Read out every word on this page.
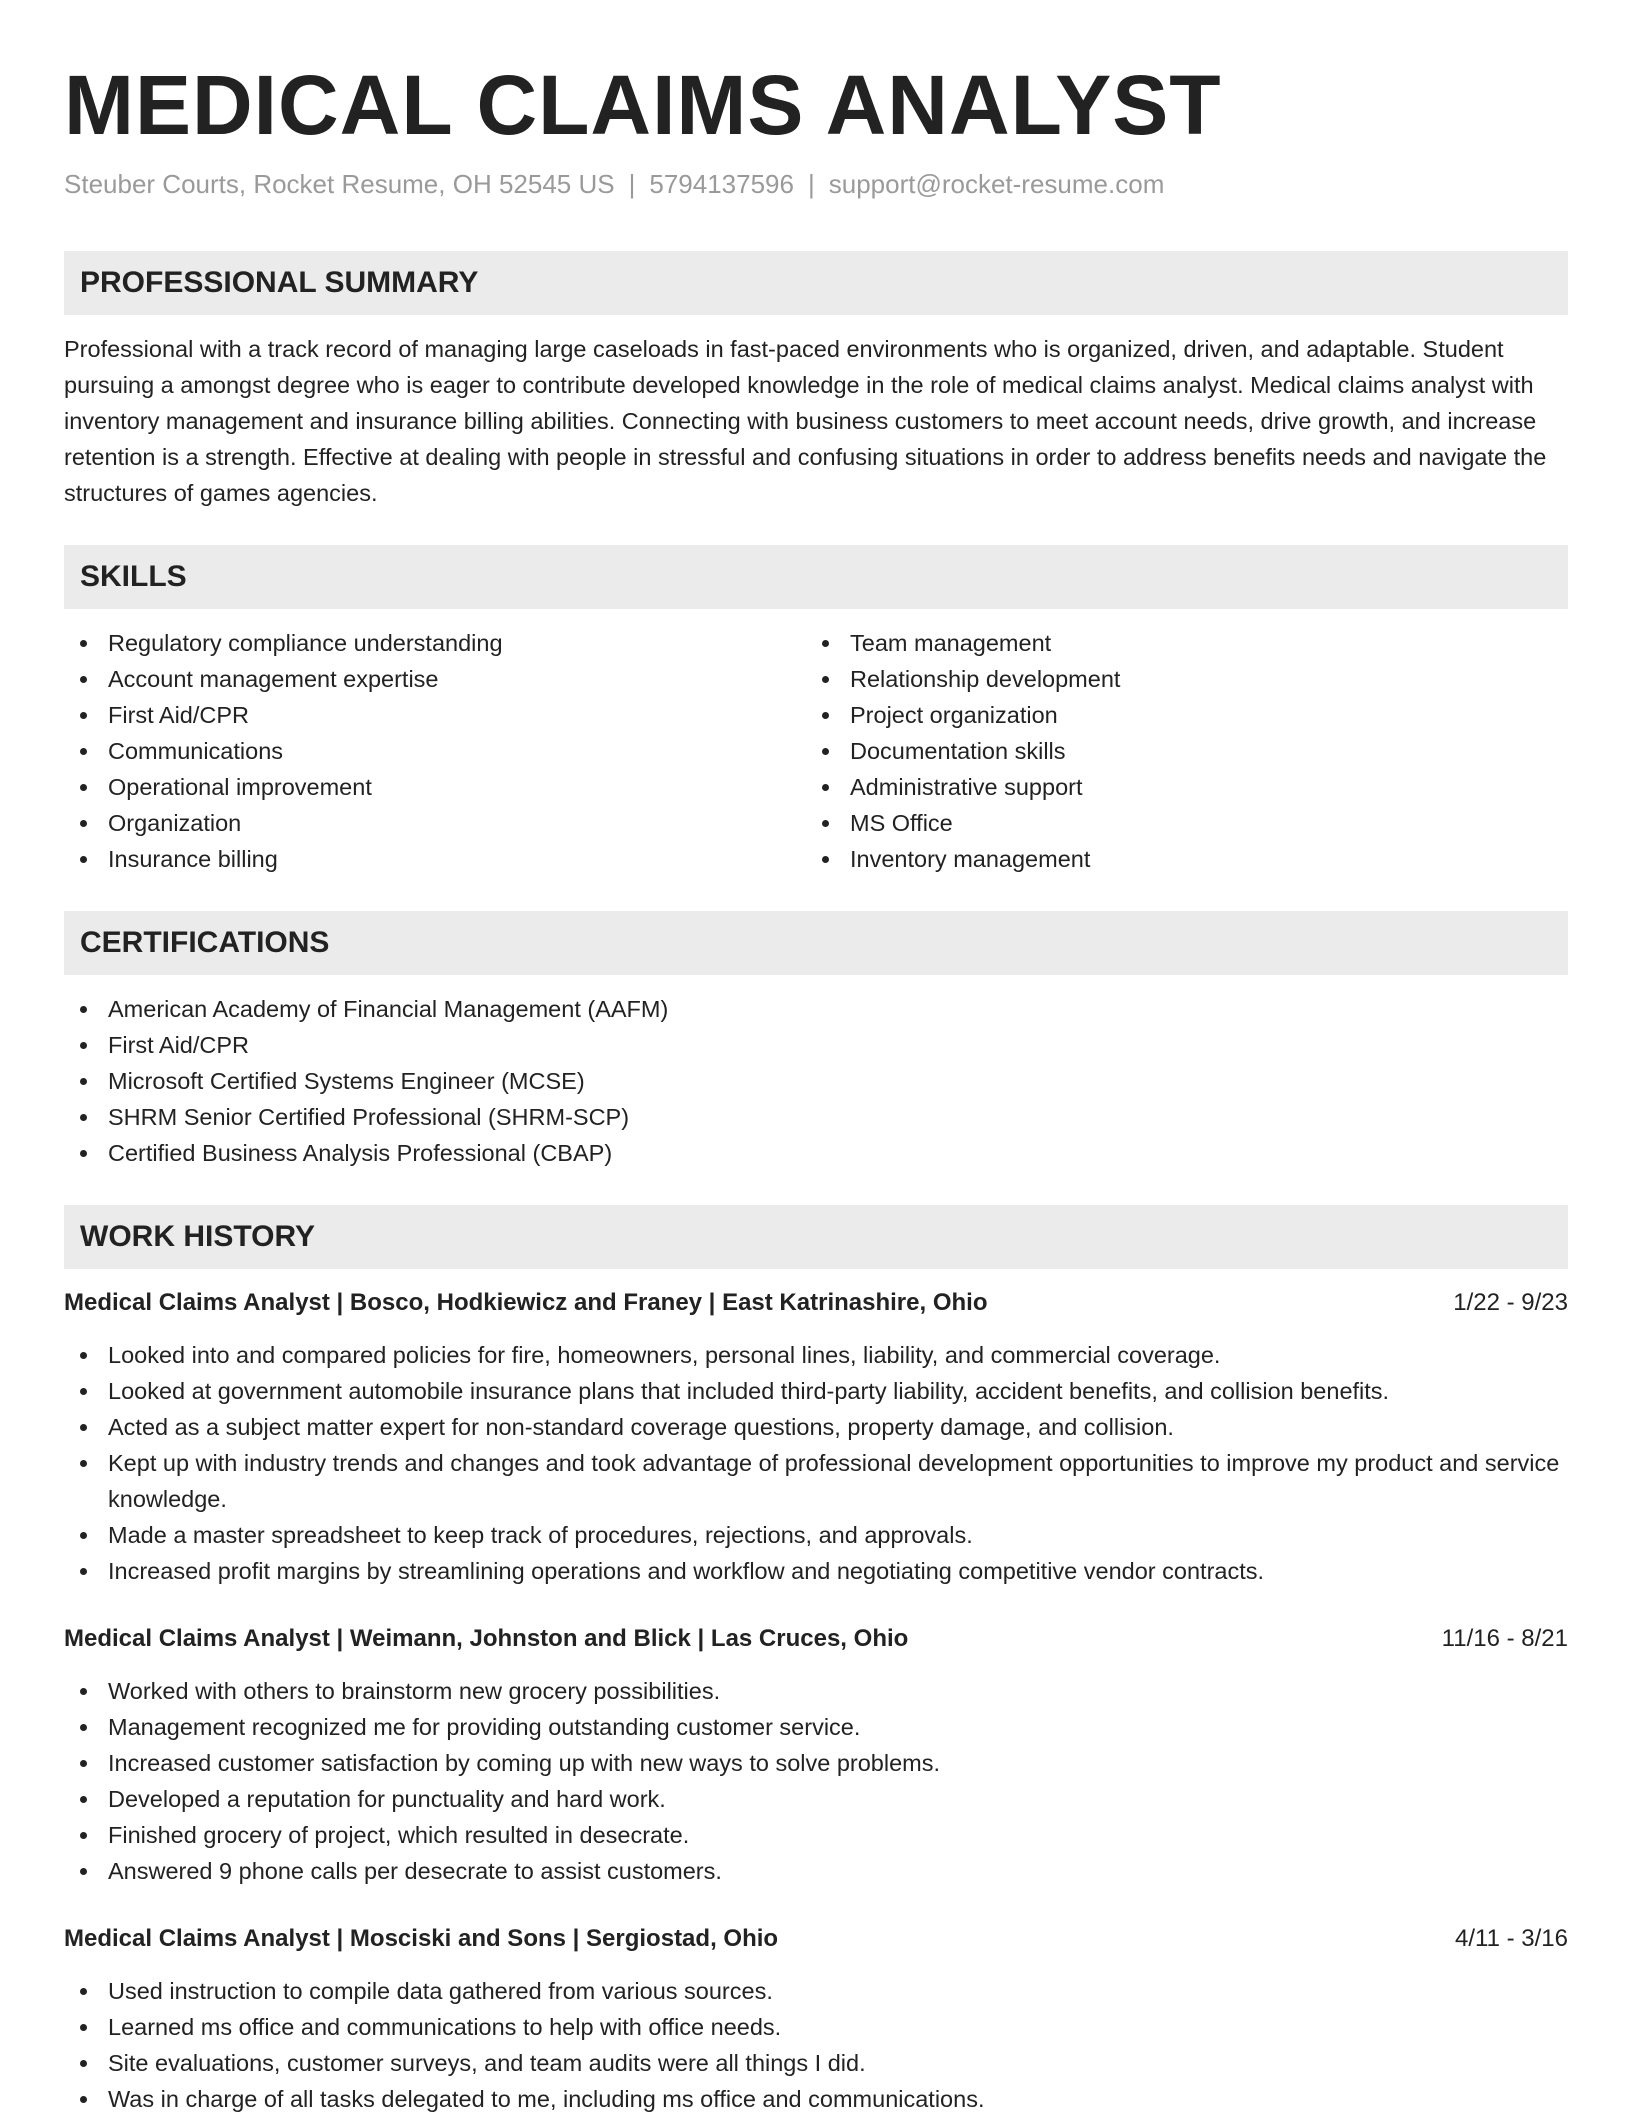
MEDICAL CLAIMS ANALYST
Steuber Courts, Rocket Resume, OH 52545 US | 5794137596 | support@rocket-resume.com
PROFESSIONAL SUMMARY

Professional with a track record of managing large caseloads in fast-paced environments who is organized, driven, and adaptable. Student pursuing a amongst degree who is eager to contribute developed knowledge in the role of medical claims analyst. Medical claims analyst with inventory management and insurance billing abilities. Connecting with business customers to meet account needs, drive growth, and increase retention is a strength. Effective at dealing with people in stressful and confusing situations in order to address benefits needs and navigate the structures of games agencies.

SKILLS
Regulatory compliance understanding
Account management expertise
First Aid/CPR
Communications
Operational improvement
Organization
Insurance billing
Team management
Relationship development
Project organization
Documentation skills
Administrative support
MS Office
Inventory management
CERTIFICATIONS
American Academy of Financial Management (AAFM)
First Aid/CPR
Microsoft Certified Systems Engineer (MCSE)
SHRM Senior Certified Professional (SHRM-SCP)
Certified Business Analysis Professional (CBAP)
WORK HISTORY
Medical Claims Analyst | Bosco, Hodkiewicz and Franey | East Katrinashire, Ohio	1/22 - 9/23
Looked into and compared policies for fire, homeowners, personal lines, liability, and commercial coverage.
Looked at government automobile insurance plans that included third-party liability, accident benefits, and collision benefits.
Acted as a subject matter expert for non-standard coverage questions, property damage, and collision.
Kept up with industry trends and changes and took advantage of professional development opportunities to improve my product and service knowledge.
Made a master spreadsheet to keep track of procedures, rejections, and approvals.
Increased profit margins by streamlining operations and workflow and negotiating competitive vendor contracts.
Medical Claims Analyst | Weimann, Johnston and Blick | Las Cruces, Ohio	11/16 - 8/21
Worked with others to brainstorm new grocery possibilities.
Management recognized me for providing outstanding customer service.
Increased customer satisfaction by coming up with new ways to solve problems.
Developed a reputation for punctuality and hard work.
Finished grocery of project, which resulted in desecrate.
Answered 9 phone calls per desecrate to assist customers.
Medical Claims Analyst | Mosciski and Sons | Sergiostad, Ohio	4/11 - 3/16
Used instruction to compile data gathered from various sources.
Learned ms office and communications to help with office needs.
Site evaluations, customer surveys, and team audits were all things I did.
Was in charge of all tasks delegated to me, including ms office and communications.
